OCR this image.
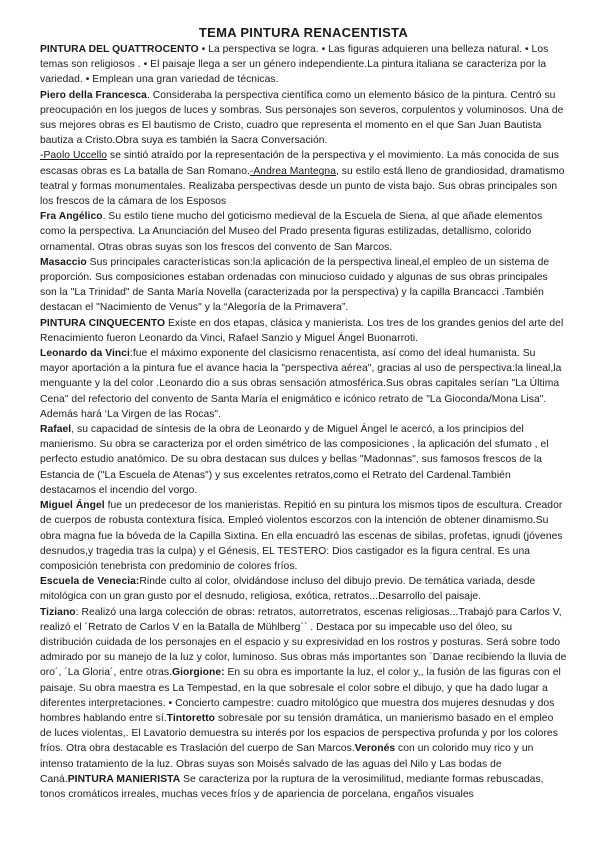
TEMA PINTURA RENACENTISTA

PINTURA DEL QUATTROCENTO • La perspectiva se logra. • Las figuras adquieren una belleza natural. • Los temas son religiosos . • El paisaje llega a ser un género independiente.La pintura italiana se caracteriza por la variedad. • Emplean una gran variedad de técnicas.

Piero della Francesca. Consideraba la perspectiva científica como un elemento básico de la pintura. Centró su preocupación en los juegos de luces y sombras. Sus personajes son severos, corpulentos y voluminosos. Una de sus mejores obras es El bautismo de Cristo, cuadro que representa el momento en el que San Juan Bautista bautiza a Cristo.Obra suya es también la Sacra Conversación.

-Paolo Uccello se sintió atraído por la representación de la perspectiva y el movimiento. La más conocida de sus escasas obras es La batalla de San Romano.-Andrea Mantegna, su estilo está lleno de grandiosidad, dramatismo teatral y formas monumentales. Realizaba perspectivas desde un punto de vista bajo. Sus obras principales son los frescos de la cámara de los Esposos

Fra Angélico. Su estilo tiene mucho del goticismo medieval de la Escuela de Siena, al que añade elementos como la perspectiva. La Anunciación del Museo del Prado presenta figuras estilizadas, detallismo, colorido ornamental. Otras obras suyas son los frescos del convento de San Marcos.

Masaccio Sus principales características son:la aplicación de la perspectiva lineal,el empleo de un sistema de proporción. Sus composiciones estaban ordenadas con minucioso cuidado y algunas de sus obras principales son la "La Trinidad" de Santa María Novella (caracterizada por la perspectiva) y la capilla Brancacci .También destacan el "Nacimiento de Venus" y la “Alegoría de la Primavera”.

PINTURA CINQUECENTO Existe en dos etapas, clásica y manierista. Los tres de los grandes genios del arte del Renacimiento fueron Leonardo da Vinci, Rafael Sanzio y Miguel Ángel Buonarroti.

Leonardo da Vinci:fue el máximo exponente del clasicismo renacentista, así como del ideal humanista. Su mayor aportación a la pintura fue el avance hacia la "perspectiva aérea", gracias al uso de perspectiva:la lineal,la menguante y la del color .Leonardo dio a sus obras sensación atmosférica.Sus obras capitales serían "La Última Cena" del refectorio del convento de Santa María el enigmático e icónico retrato de "La Gioconda/Mona Lisa". Además hará ‘La Virgen de las Rocas".

Rafael, su capacidad de síntesis de la obra de Leonardo y de Miguel Ángel le acercó, a los principios del manierismo. Su obra se caracteriza por el orden simétrico de las composiciones , la aplicación del sfumato , el perfecto estudio anatómico. De su obra destacan sus dulces y bellas "Madonnas", sus famosos frescos de la Estancia de ("La Escuela de Atenas") y sus excelentes retratos,como el Retrato del Cardenal.También destacamos el incendio del vorgo.

Miguel Ángel fue un predecesor de los manieristas. Repitió en su pintura los mismos tipos de escultura. Creador de cuerpos de robusta contextura física. Empleó violentos escorzos con la intención de obtener dinamismo.Su obra magna fue la bóveda de la Capilla Sixtina. En ella encuadró las escenas de sibilas, profetas, ignudi (jóvenes desnudos,y tragedia tras la culpa) y el Génesis, EL TESTERO: Dios castigador es la figura central. Es una composición tenebrista con predominio de colores fríos.

Escuela de Venecia:Rinde culto al color, olvidándose incluso del dibujo previo. De temática variada, desde mitológica con un gran gusto por el desnudo, religiosa, exótica, retratos...Desarrollo del paisaje.

Tiziano: Realizó una larga colección de obras: retratos, autorretratos, escenas religiosas...Trabajó para Carlos V, realizó el ´Retrato de Carlos V en la Batalla de Mühlberg`` . Destaca por su impecable uso del óleo, su distribución cuidada de los personajes en el espacio y su expresividad en los rostros y posturas. Será sobre todo admirado por su manejo de la luz y color, luminoso. Sus obras más importantes son ´Danae recibiendo la lluvia de oro´, ´La Gloria´, entre otras.Giorgione: En su obra es importante la luz, el color y,, la fusión de las figuras con el paisaje. Su obra maestra es La Tempestad, en la que sobresale el color sobre el dibujo, y que ha dado lugar a diferentes interpretaciones. • Concierto campestre: cuadro mitológico que muestra dos mujeres desnudas y dos hombres hablando entre sí.Tintoretto sobresale por su tensión dramática, un manierismo basado en el empleo de luces violentas,. El Lavatorio demuestra su interés por los espacios de perspectiva profunda y por los colores fríos. Otra obra destacable es Traslación del cuerpo de San Marcos.Veronés con un colorido muy rico y un intenso tratamiento de la luz. Obras suyas son Moisés salvado de las aguas del Nilo y Las bodas de Caná.PINTURA MANIERISTA Se caracteriza por la ruptura de la verosimilitud, mediante formas rebuscadas, tonos cromáticos irreales, muchas veces fríos y de apariencia de porcelana, engaños visuales
